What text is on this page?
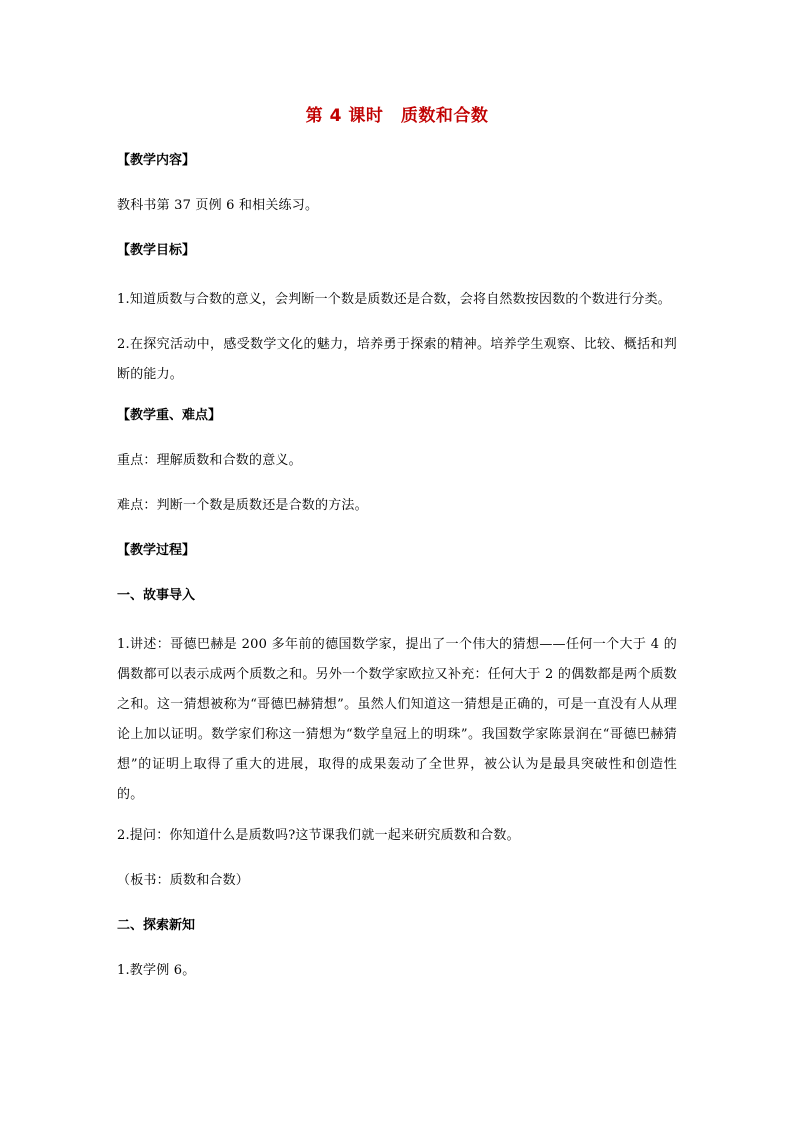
第 4 课时　质数和合数
【教学内容】
教科书第 37 页例 6 和相关练习。
【教学目标】
1.知道质数与合数的意义，会判断一个数是质数还是合数，会将自然数按因数的个数进行分类。
2.在探究活动中，感受数学文化的魅力，培养勇于探索的精神。培养学生观察、比较、概括和判断的能力。
【教学重、难点】
重点：理解质数和合数的意义。
难点：判断一个数是质数还是合数的方法。
【教学过程】
一、故事导入
1.讲述：哥德巴赫是 200 多年前的德国数学家，提出了一个伟大的猜想——任何一个大于 4 的偶数都可以表示成两个质数之和。另外一个数学家欧拉又补充：任何大于 2 的偶数都是两个质数之和。这一猜想被称为“哥德巴赫猜想”。虽然人们知道这一猜想是正确的，可是一直没有人从理论上加以证明。数学家们称这一猜想为“数学皇冠上的明珠”。我国数学家陈景润在“哥德巴赫猜想”的证明上取得了重大的进展，取得的成果轰动了全世界，被公认为是最具突破性和创造性的。
2.提问：你知道什么是质数吗?这节课我们就一起来研究质数和合数。
（板书：质数和合数）
二、探索新知
1.教学例 6。
